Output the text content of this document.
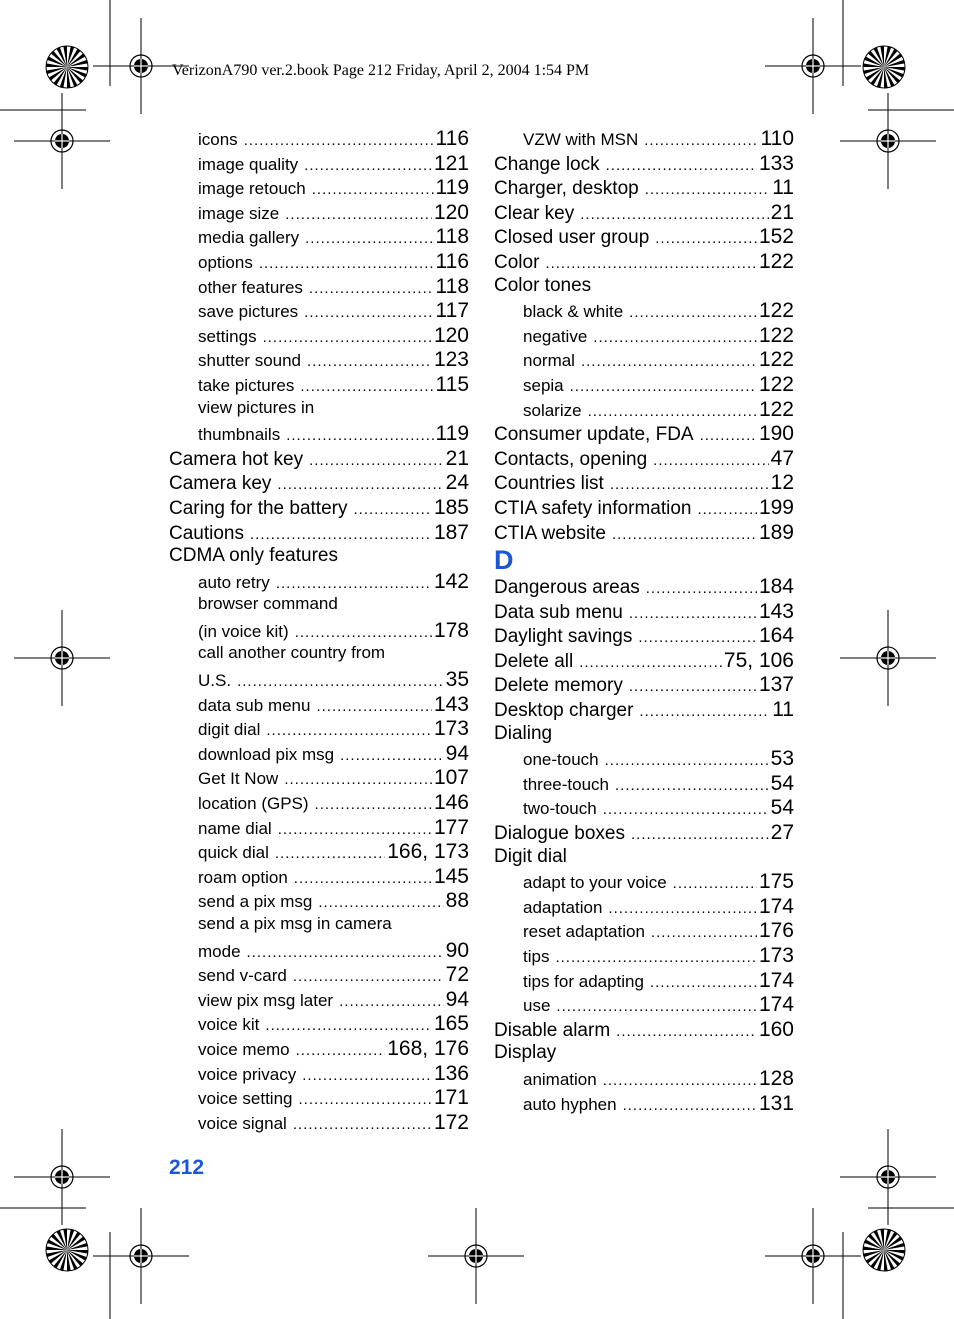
VerizonA790 ver.2.book Page 212 Friday, April 2, 2004 1:54 PM
icons .....	116
image quality .....	121
image retouch .....	119
image size .....	120
media gallery .....	118
options .....	116
other features .....	118
save pictures .....	117
settings .....	120
shutter sound .....	123
take pictures .....	115
view pictures in
thumbnails .....	119
Camera hot key .....	21
Camera key .....	24
Caring for the battery .....	185
Cautions .....	187
CDMA only features
auto retry .....	142
browser command
(in voice kit) .....	178
call another country from
U.S. .....	35
data sub menu .....	143
digit dial .....	173
download pix msg .....	94
Get It Now .....	107
location (GPS) .....	146
name dial .....	177
quick dial .....	166, 173
roam option .....	145
send a pix msg .....	88
send a pix msg in camera
mode .....	90
send v-card .....	72
view pix msg later .....	94
voice kit .....	165
voice memo .....	168, 176
voice privacy .....	136
voice setting .....	171
voice signal .....	172
VZW with MSN .....	110
Change lock .....	133
Charger, desktop .....	11
Clear key .....	21
Closed user group .....	152
Color .....	122
Color tones
black & white .....	122
negative .....	122
normal .....	122
sepia .....	122
solarize .....	122
Consumer update, FDA .....	190
Contacts, opening .....	47
Countries list .....	12
CTIA safety information .....	199
CTIA website .....	189
D
Dangerous areas .....	184
Data sub menu .....	143
Daylight savings .....	164
Delete all .....	75, 106
Delete memory .....	137
Desktop charger .....	11
Dialing
one-touch .....	53
three-touch .....	54
two-touch .....	54
Dialogue boxes .....	27
Digit dial
adapt to your voice .....	175
adaptation .....	174
reset adaptation .....	176
tips .....	173
tips for adapting .....	174
use .....	174
Disable alarm .....	160
Display
animation .....	128
auto hyphen .....	131
212
